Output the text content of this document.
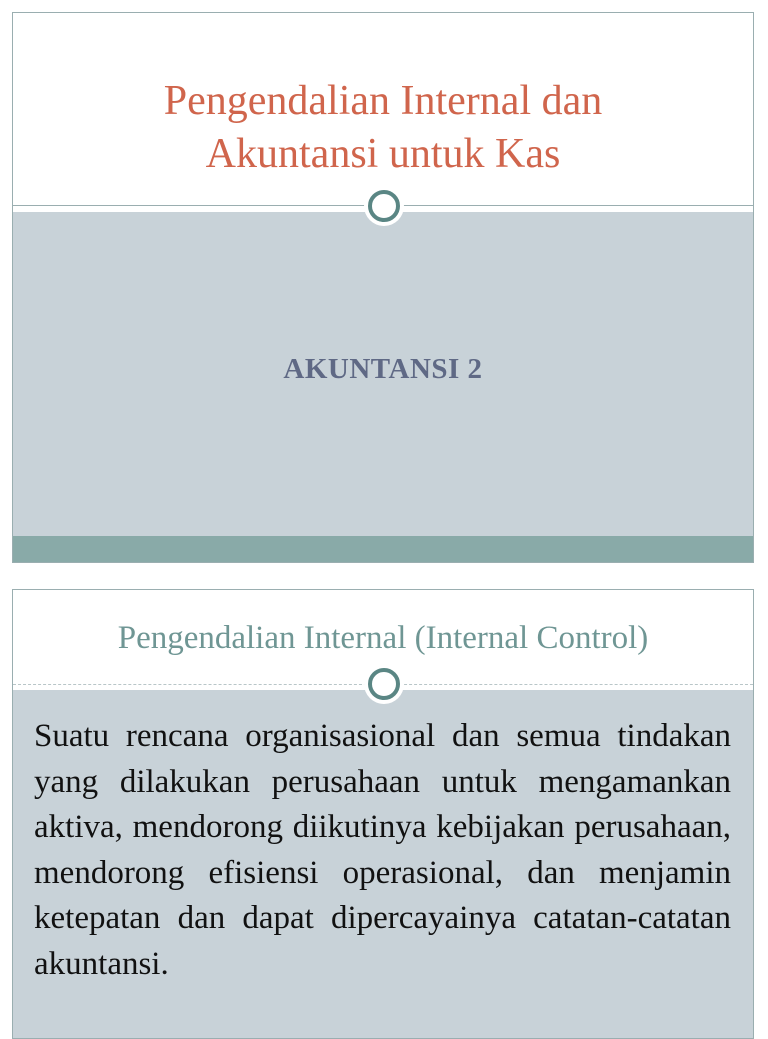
Pengendalian Internal dan
Akuntansi untuk Kas

AKUNTANSI 2

Pengendalian Internal (Internal Control)

Suatu rencana organisasional dan semua tindakan yang dilakukan perusahaan untuk mengamankan aktiva, mendorong diikutinya kebijakan perusahaan, mendorong efisiensi operasional, dan menjamin ketepatan dan dapat dipercayainya catatan-catatan akuntansi.
